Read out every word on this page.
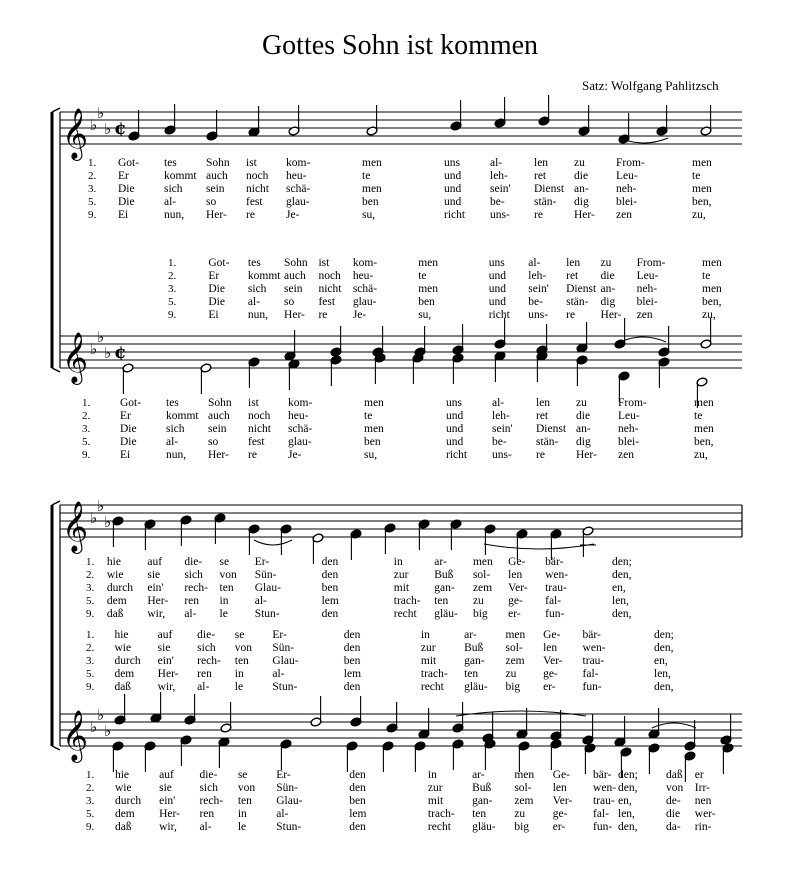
Gottes Sohn ist kommen
Satz: Wolfgang Pahlitzsch
𝄞 ♭
♭
♭ ¢
𝄞 ♭
♭
♭ ¢
𝄞 ♭
♭
♭
𝄞 ♭
♭
♭
1. Got- tes	Sohn ist	kom-	men	uns	al-	len zu	From-	men
2. Er	kommt auch noch heu-	te	und	leh- ret die Leu-	te
3. Die	sich sein nicht schä-	men	und	sein' Dienst an- neh-	men
5. Die	al-	so	fest glau-	ben	und	be-	stän- dig blei-	ben,
9. Ei	nun, Her- re	Je-	su,	richt uns- re	Her- zen	zu,
1.	Got- tes Sohn ist kom-	men	uns al- len zu From-	men
2.	Er kommt auch noch heu-	te	und leh- ret die Leu-	te
3.	Die sich sein nicht schä-	men	und sein' Dienst an- neh-	men
5.	Die al- so fest glau-	ben	und be- stän- dig blei-	ben,
9.	Ei	nun, Her- re Je-	su,	richt uns- re Her- zen	zu,
1.	Got- tes	Sohn ist	kom-	men	uns	al-	len zu	From-	men
2.	Er	kommt auch noch heu-	te	und	leh- ret die Leu-	te
3.	Die	sich sein nicht schä-	men	und	sein' Dienst an- neh-	men
5.	Die	al-	so	fest glau-	ben	und	be-	stän- dig blei-	ben,
9.	Ei	nun, Her- re	Je-	su,	richt uns- re	Her- zen	zu,
1. hie auf die- se Er-	den	in	ar- men Ge- bär-	den;
2. wie sie sich von Sün-	den	zur Buß sol- len wen-	den,
3. durch ein' rech- ten Glau-	ben	mit gan- zem Ver- trau-	en,
5. dem Her- ren in al-	lem	trach- ten zu ge- fal-	len,
9. daß wir, al- le Stun-	den	recht gläu- big er- fun-	den,
1. hie	auf die- se Er-	den	in	ar-	men Ge- bär-	den;
2. wie sie sich von Sün-	den	zur Buß sol- len wen-	den,
3. durch ein' rech- ten Glau-	ben	mit gan- zem Ver- trau-	en,
5. dem Her- ren in al-	lem	trach- ten zu ge- fal-	len,
9. daß wir, al- le	Stun-	den	recht gläu- big er- fun-	den,
1. hie	auf die- se	Er-	den	in	ar-	men Ge- bär- den; daß er
2. wie sie sich von Sün-	den	zur	Buß sol- len wen- den, von Irr-
3. durch ein' rech- ten Glau-	ben	mit	gan- zem Ver- trau- en,	de- nen
5. dem Her- ren in	al-	lem	trach- ten zu ge- fal- len,	die wer-
9. daß wir, al- le	Stun-	den	recht gläu- big er- fun- den, da- rin-
